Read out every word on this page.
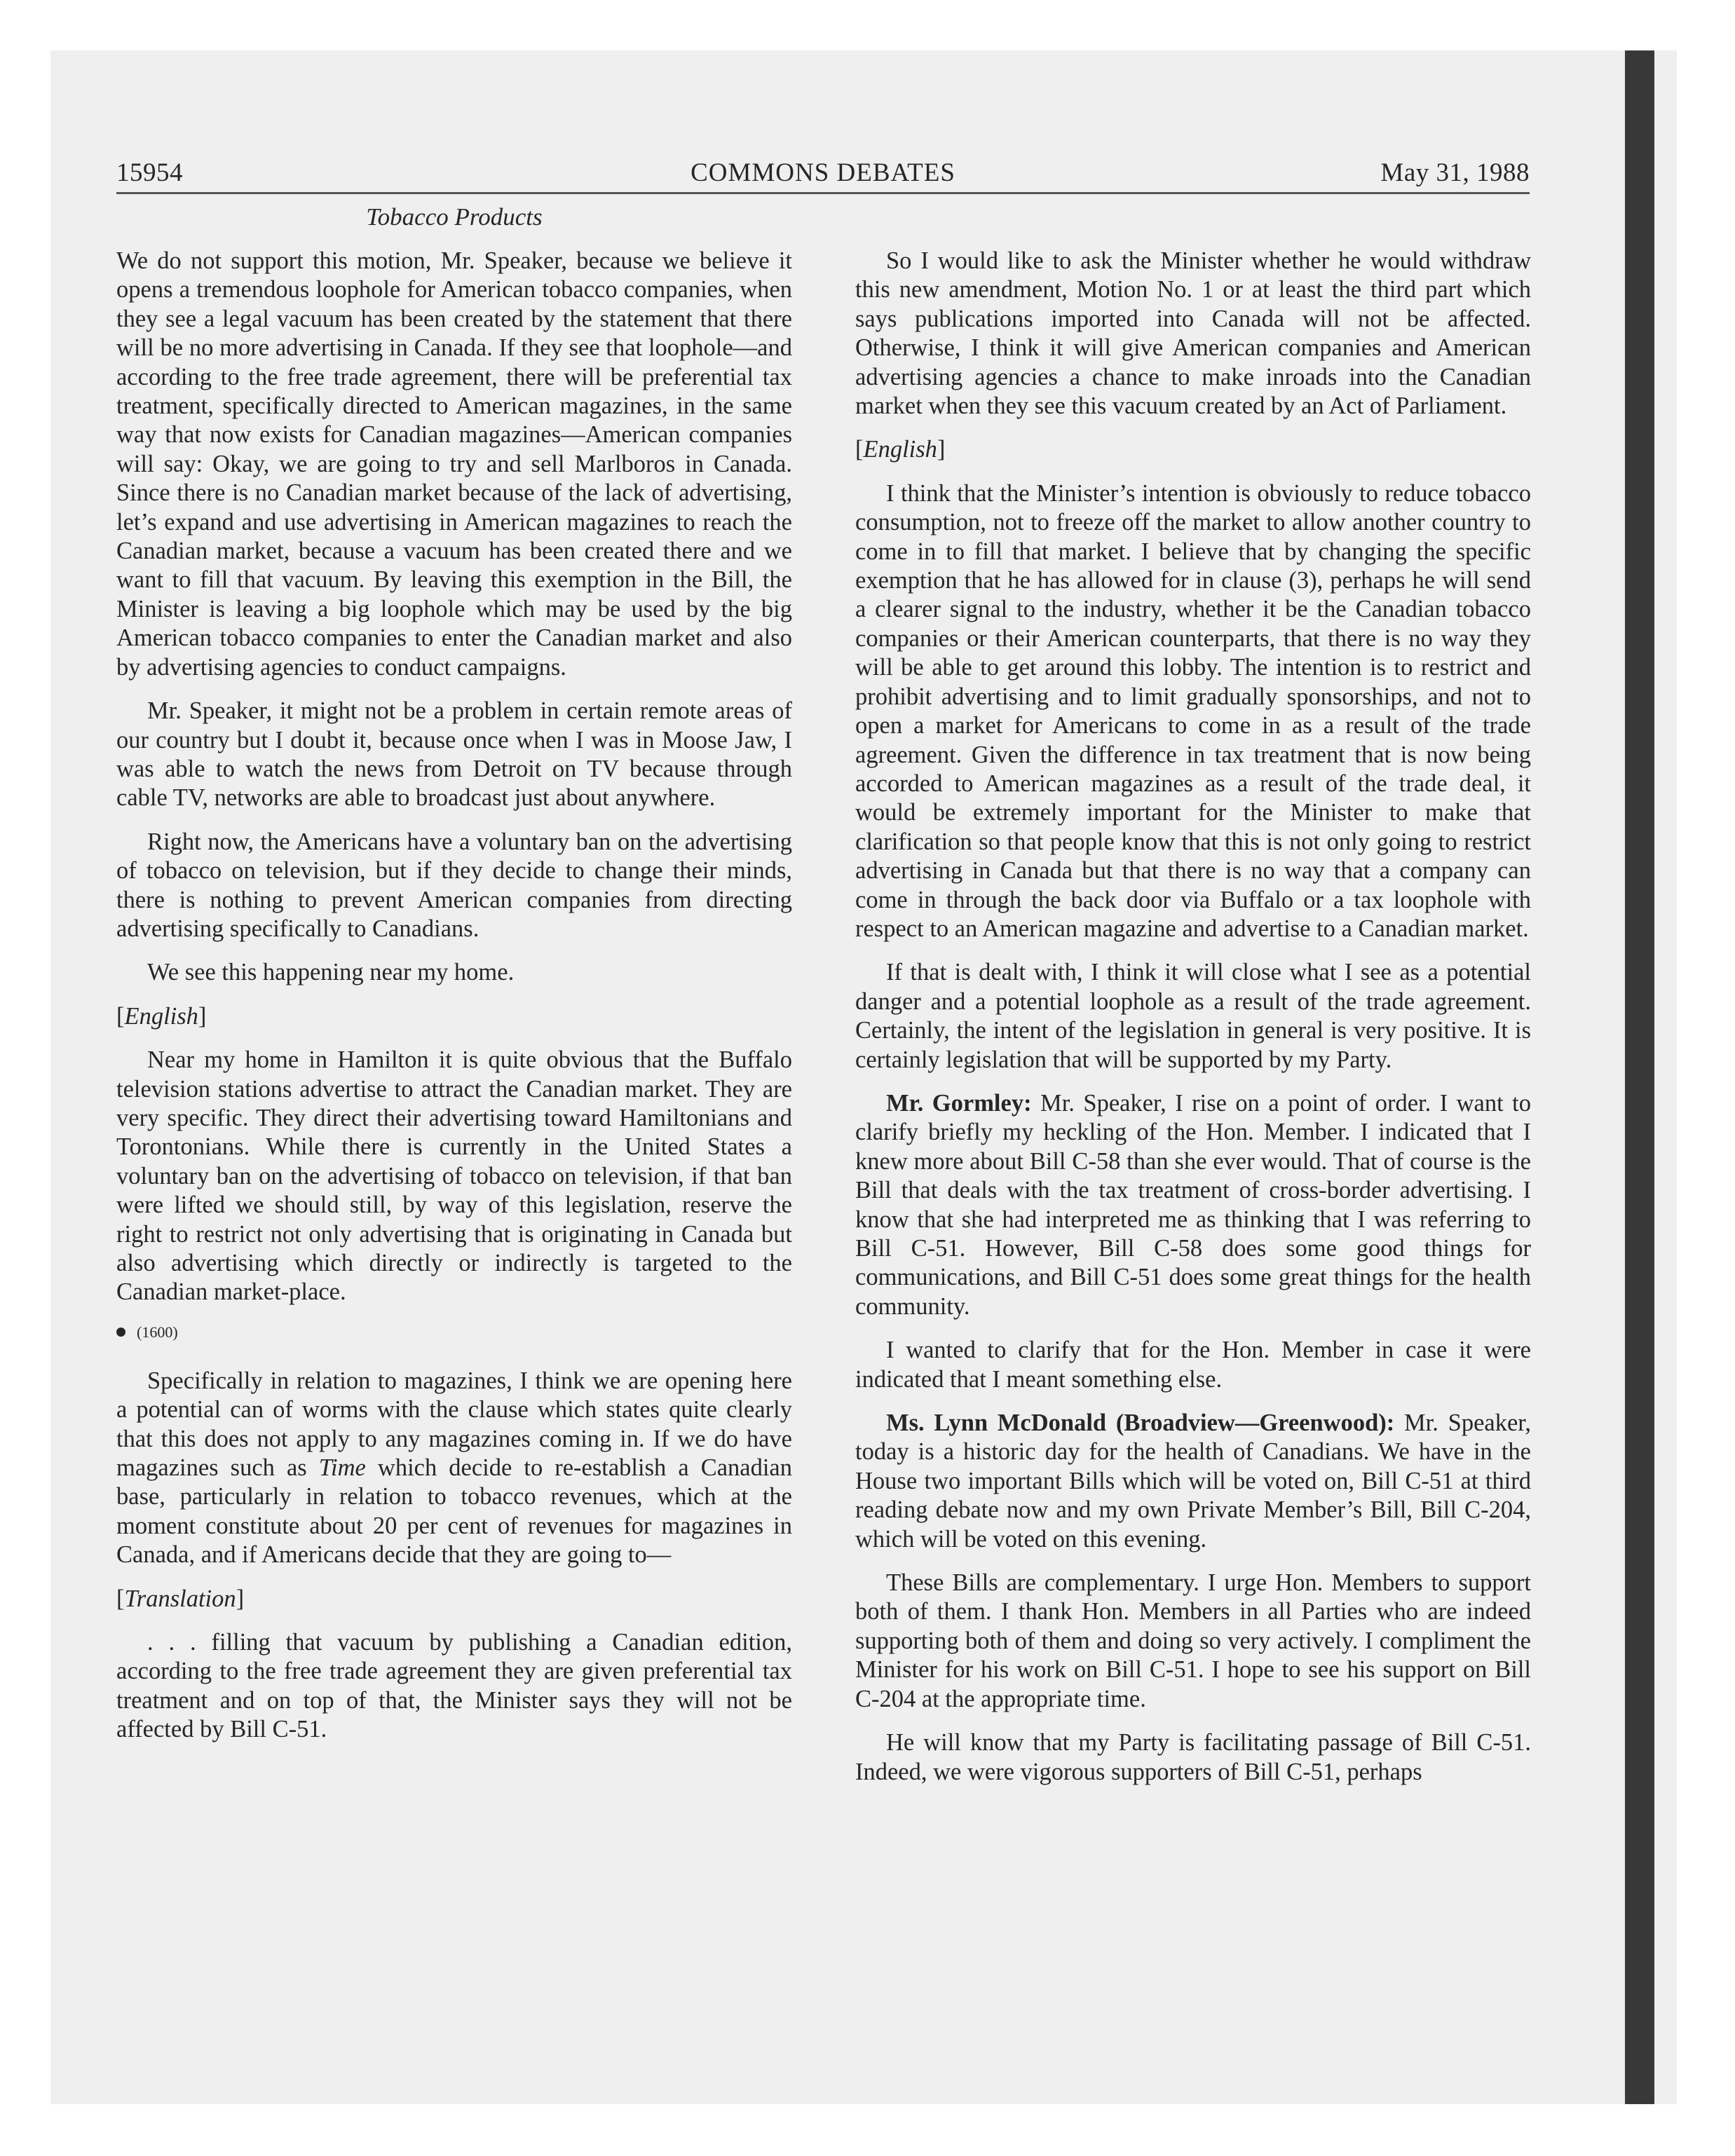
15954	COMMONS DEBATES	May 31, 1988
Tobacco Products

We do not support this motion, Mr. Speaker, because we believe it opens a tremendous loophole for American tobacco companies, when they see a legal vacuum has been created by the statement that there will be no more advertising in Canada. If they see that loophole—and according to the free trade agreement, there will be preferential tax treatment, specifically directed to American magazines, in the same way that now exists for Canadian magazines—American companies will say: Okay, we are going to try and sell Marlboros in Canada. Since there is no Canadian market because of the lack of advertising, let’s expand and use advertising in American magazines to reach the Canadian market, because a vacuum has been created there and we want to fill that vacuum. By leaving this exemption in the Bill, the Minister is leaving a big loophole which may be used by the big American tobacco companies to enter the Canadian market and also by advertising agencies to conduct campaigns.

Mr. Speaker, it might not be a problem in certain remote areas of our country but I doubt it, because once when I was in Moose Jaw, I was able to watch the news from Detroit on TV because through cable TV, networks are able to broadcast just about anywhere.

Right now, the Americans have a voluntary ban on the advertising of tobacco on television, but if they decide to change their minds, there is nothing to prevent American companies from directing advertising specifically to Canadians.

We see this happening near my home.

[English]

Near my home in Hamilton it is quite obvious that the Buffalo television stations advertise to attract the Canadian market. They are very specific. They direct their advertising toward Hamiltonians and Torontonians. While there is currently in the United States a voluntary ban on the advertising of tobacco on television, if that ban were lifted we should still, by way of this legislation, reserve the right to restrict not only advertising that is originating in Canada but also advertising which directly or indirectly is targeted to the Canadian market-place.

(1600)

Specifically in relation to magazines, I think we are opening here a potential can of worms with the clause which states quite clearly that this does not apply to any magazines coming in. If we do have magazines such as Time which decide to re-establish a Canadian base, particularly in relation to tobacco revenues, which at the moment constitute about 20 per cent of revenues for magazines in Canada, and if Americans decide that they are going to—

[Translation]

. . . filling that vacuum by publishing a Canadian edition, according to the free trade agreement they are given preferential tax treatment and on top of that, the Minister says they will not be affected by Bill C-51.

So I would like to ask the Minister whether he would withdraw this new amendment, Motion No. 1 or at least the third part which says publications imported into Canada will not be affected. Otherwise, I think it will give American companies and American advertising agencies a chance to make inroads into the Canadian market when they see this vacuum created by an Act of Parliament.

[English]

I think that the Minister’s intention is obviously to reduce tobacco consumption, not to freeze off the market to allow another country to come in to fill that market. I believe that by changing the specific exemption that he has allowed for in clause (3), perhaps he will send a clearer signal to the industry, whether it be the Canadian tobacco companies or their American counterparts, that there is no way they will be able to get around this lobby. The intention is to restrict and prohibit advertising and to limit gradually sponsorships, and not to open a market for Americans to come in as a result of the trade agreement. Given the difference in tax treatment that is now being accorded to American magazines as a result of the trade deal, it would be extremely important for the Minister to make that clarification so that people know that this is not only going to restrict advertising in Canada but that there is no way that a company can come in through the back door via Buffalo or a tax loophole with respect to an American magazine and advertise to a Canadian market.

If that is dealt with, I think it will close what I see as a potential danger and a potential loophole as a result of the trade agreement. Certainly, the intent of the legislation in general is very positive. It is certainly legislation that will be supported by my Party.

Mr. Gormley: Mr. Speaker, I rise on a point of order. I want to clarify briefly my heckling of the Hon. Member. I indicated that I knew more about Bill C-58 than she ever would. That of course is the Bill that deals with the tax treatment of cross-border advertising. I know that she had interpreted me as thinking that I was referring to Bill C-51. However, Bill C-58 does some good things for communications, and Bill C-51 does some great things for the health community.

I wanted to clarify that for the Hon. Member in case it were indicated that I meant something else.

Ms. Lynn McDonald (Broadview—Greenwood): Mr. Speaker, today is a historic day for the health of Canadians. We have in the House two important Bills which will be voted on, Bill C-51 at third reading debate now and my own Private Member’s Bill, Bill C-204, which will be voted on this evening.

These Bills are complementary. I urge Hon. Members to support both of them. I thank Hon. Members in all Parties who are indeed supporting both of them and doing so very actively. I compliment the Minister for his work on Bill C-51. I hope to see his support on Bill C-204 at the appropriate time.

He will know that my Party is facilitating passage of Bill C-51. Indeed, we were vigorous supporters of Bill C-51, perhaps
